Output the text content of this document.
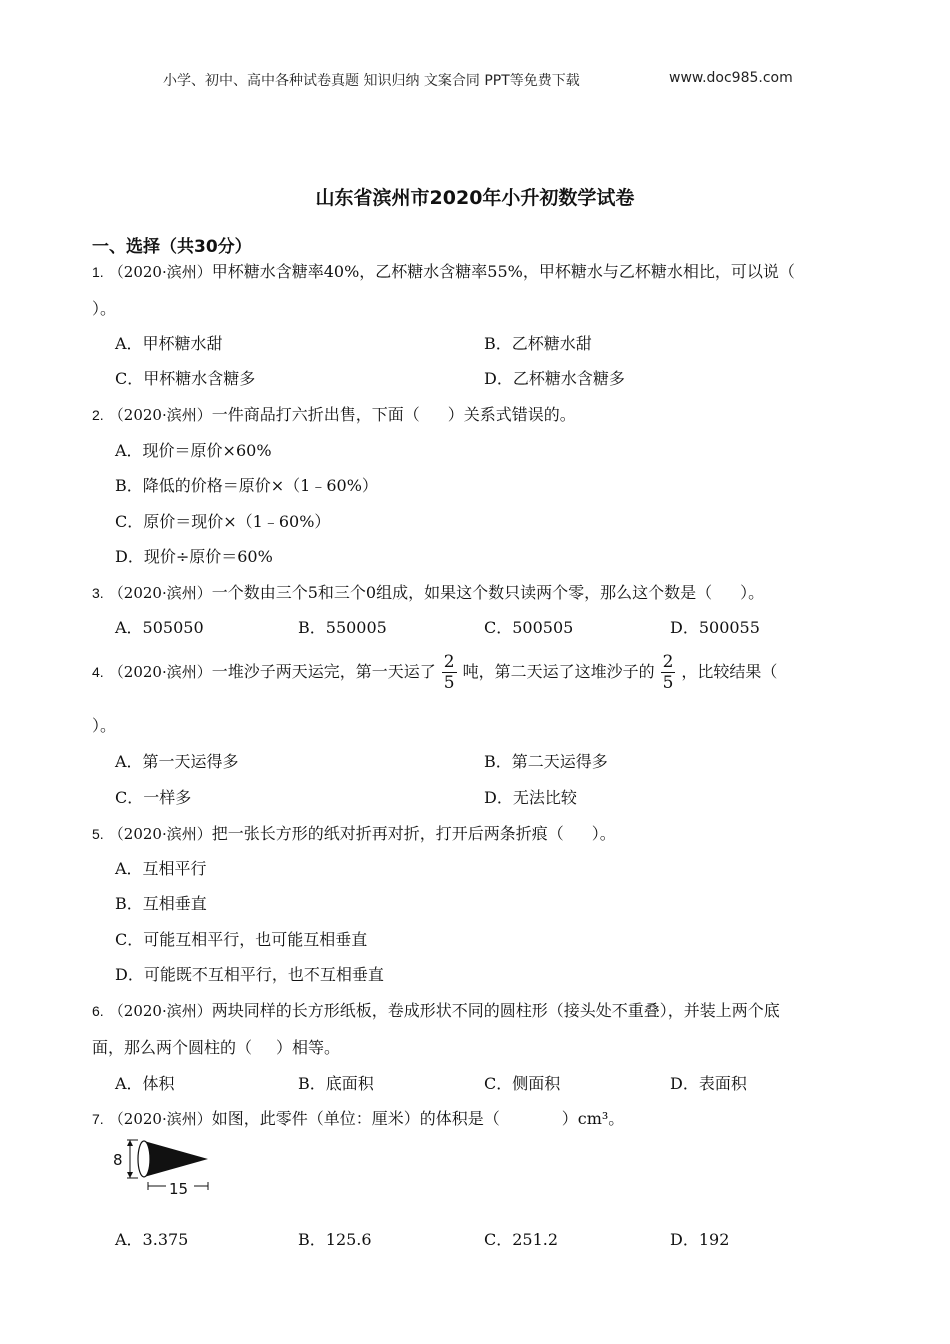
小学、初中、高中各种试卷真题 知识归纳 文案合同 PPT等免费下载	www.doc985.com
山东省滨州市2020年小升初数学试卷
一、选择（共30分）
1. （2020·滨州）甲杯糖水含糖率40%，乙杯糖水含糖率55%，甲杯糖水与乙杯糖水相比，可以说（
）。
A．甲杯糖水甜	B．乙杯糖水甜
C．甲杯糖水含糖多	D．乙杯糖水含糖多
2. （2020·滨州）一件商品打六折出售，下面（ ）关系式错误的。
A．现价＝原价×60%
B．降低的价格＝原价×（1﹣60%）
C．原价＝现价×（1﹣60%）
D．现价÷原价＝60%
3. （2020·滨州）一个数由三个5和三个0组成，如果这个数只读两个零，那么这个数是（ ）。
A．505050	B．550005	C．500505	D．500055
4. （2020·滨州）一堆沙子两天运完，第一天运了 $\frac{2}{5}$ 吨，第二天运了这堆沙子的 $\frac{2}{5}$ ，比较结果（
）。
A．第一天运得多	B．第二天运得多
C．一样多	D．无法比较
5. （2020·滨州）把一张长方形的纸对折再对折，打开后两条折痕（ ）。
A．互相平行
B．互相垂直
C．可能互相平行，也可能互相垂直
D．可能既不互相平行，也不互相垂直
6. （2020·滨州）两块同样的长方形纸板，卷成形状不同的圆柱形（接头处不重叠），并装上两个底
面，那么两个圆柱的（ ）相等。
A．体积	B．底面积	C．侧面积	D．表面积
7. （2020·滨州）如图，此零件（单位：厘米）的体积是（	）cm³。
8
15
A．3.375	B．125.6	C．251.2	D．192
